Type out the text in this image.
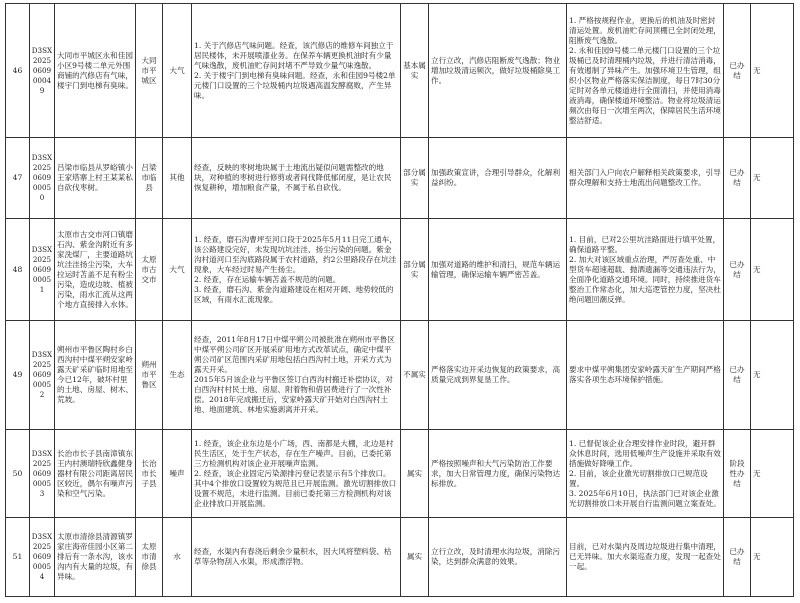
46	D3SX2025060900049	大同市平城区永和佳园小区9号楼二单元外围商铺的汽修店有气味，楼宇门到电梯有臭味。	大同市平城区	大气	1. 关于汽修店气味问题。经查，该汽修店的维修车间独立于居民楼体，未开展喷漆业务。在保养车辆更换机油时有少量气味逸散，废机油贮存间封堵不严导致少量气味逸散。
2. 关于楼宇门到电梯有臭味问题。经查，永和佳园9号楼2单元楼门口设置的三个垃圾桶内垃圾遇高温发酵腐败，产生异味。	基本属实	立行立改，汽修店阻断废气逸散；物业增加垃圾清运频次，做好垃圾桶除臭工作。	1. 严格按规程作业，更换后的机油及时密封清运处置。废机油贮存间顶棚已全封闭处理，阻断废气逸散。
2. 永和佳园9号楼二单元楼门口设置的三个垃圾桶已及时清理桶内垃圾，并进行清洁消毒，有效遏制了异味产生。加强环境卫生管理，组织小区物业严格落实保洁制度，每日7时30分定时对各单元楼道进行全面清扫，并使用消毒液消毒，确保楼道环境整洁。物业将垃圾清运频次由每日一次增至两次，保障居民生活环境整洁舒适。	已办结	无
47	D3SX2025060900050	吕梁市临县从罗峪镇小王家塔寨上村王某某私自砍伐枣树。	吕梁市临县	其他	经查，反映的枣树地块属于土地流出疑似问题需整改的地块，对种植的枣树进行修剪或者间伐降低郁闭度，是让农民恢复耕种，增加粮食产量，不属于私自砍伐。	部分属实	加强政策宣讲，合理引导群众，化解利益纠纷。	相关部门入户向农户解释相关政策要求，引导群众理解和支持土地流出问题整改工作。	已办结	无
48	D3SX2025060900051	太原市古交市河口镇磨石沟、紫金沟附近有多家洗煤厂，主要道路坑坑洼洼扬尘污染，大车拉运时苫盖不足有粉尘污染，造成边坡、植被污染，雨水汇流从这两个地方直接排入水体。	太原市古交市	大气	1. 经查，磨石沟曹坪至河口段于2025年5月11日完工通车，该公路建设完好，未发现坑坑洼洼、扬尘污染的问题。紫金沟村道河口至沟底路段属于农村道路，约2公里路段存在坑洼现象，大车经过时易产生扬尘。
2. 经查，存在运输车辆苫盖不规范的问题。
3. 经查，磨石沟、紫金沟道路建设在相对开阔、地势较低的区域，有雨水汇流现象。	部分属实	加强对道路的维护和清扫，规范车辆运输管理，确保运输车辆严密苫盖。	1. 目前，已对2公里坑洼路面进行填平处置，确保道路平整。
2. 加大对该区域重点治理，严厉查处重、中型货车超速超载、抛洒遗漏等交通违法行为，全面净化道路交通环境。同时，持续推进货车整治工作常态化，加大巡逻管控力度，坚决杜绝问题回潮反弹。	已办结	无
49	D3SX2025060900052	朔州市平鲁区陶村乡白西沟村中煤平朔安家岭露天矿采矿临时用地至今已12年，破坏村里的土地、房屋、树木、荒坡。	朔州市平鲁区	生态	经查，2011年8月17日中煤平朔公司被批准在朔州市平鲁区中煤平朔公司矿区开展采矿用地方式改革试点，确定中煤平朔公司矿区范围内采矿用地包括白西沟村土地，开采方式为露天开采。
2015年5月该企业与平鲁区签订白西沟村搬迁补偿协议，对白西沟村村民土地、房屋、附着物和借居费进行了一次性补偿。2018年完成搬迁后，安家岭露天矿开始对白西沟村土地、地面建筑、林地实施剥离并开采。	不属实	严格落实边开采边恢复的政策要求，高质量完成到界复垦工作。	要求中煤平朔集团安家岭露天矿生产期间严格落实各项生态环境保护措施。	已办结	无
50	D3SX2025060900053	长治市长子县南漳镇东王内村澳瑞特欣鑫健身器材有限公司距离居民区较近，偶尔有噪声污染和空气污染。	长治市长子县	噪声	1. 经查，该企业东边是小广场，西、南都是大棚，北边是村民生活区，处于生产状态，存在生产噪声。目前，已委托第三方检测机构对该企业开展噪声监测。
2. 经查，该企业固定污染源排污登记表显示有5个排放口。其中4个排放口设置较为规范且已开展监测。激光切割排放口设置不规范，未进行监测。目前已委托第三方检测机构对该企业排放口开展监测。	属实	严格按照噪声和大气污染防治工作要求，加大日常管理力度，确保污染物达标排放。	1. 已督促该企业合理安排作业时段，避开群众休息时间，选用低噪声生产设施并采取有效措施做好降噪工作。
2. 目前，该企业激光切割排放口已规范设置。
3. 2025年6月10日，执法部门已对该企业激光切割排放口未开展自行监测问题立案查处。	阶段性办结	无
51	D3SX2025060900054	太原市清徐县清源镇罗家庄海帝佳园小区第二排后有一条水沟，该水沟内有大量的垃圾，有异味。	太原市清徐县	水	经查，水渠内有春浇后剩余少量积水，因大风将塑料袋、枯草等杂物刮入水渠，形成漂浮物。	属实	立行立改，及时清理水沟垃圾，消除污染，达到群众满意的效果。	目前，已对水渠内及周边垃圾进行集中清理，已无异味。加大水渠巡查力度，发现一起查处一起。	已办结	无
